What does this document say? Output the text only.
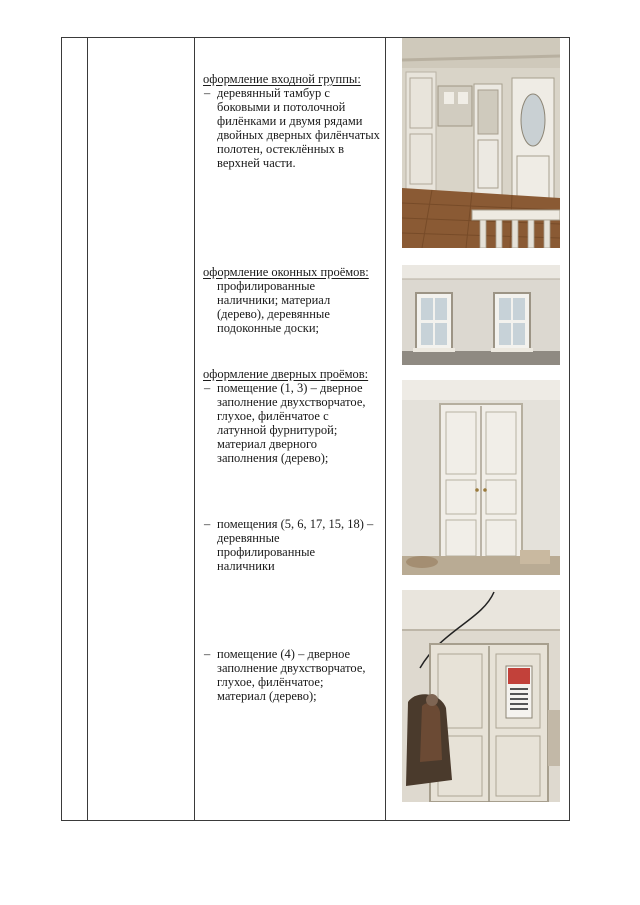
оформление входной группы:

– деревянный тамбур с
боковыми и потолочной
филёнками и двумя рядами
двойных дверных филёнчатых
полотен, остеклённых в
верхней части.

оформление оконных проёмов:

профилированные
наличники; материал
(дерево), деревянные
подоконные доски;

оформление дверных проёмов:

– помещение (1, 3) – дверное
заполнение двухстворчатое,
глухое, филёнчатое с
латунной фурнитурой;
материал дверного
заполнения (дерево);

– помещения (5, 6, 17, 15, 18) –
деревянные
профилированные
наличники

– помещение (4) – дверное
заполнение двухстворчатое,
глухое, филёнчатое;
материал (дерево);
